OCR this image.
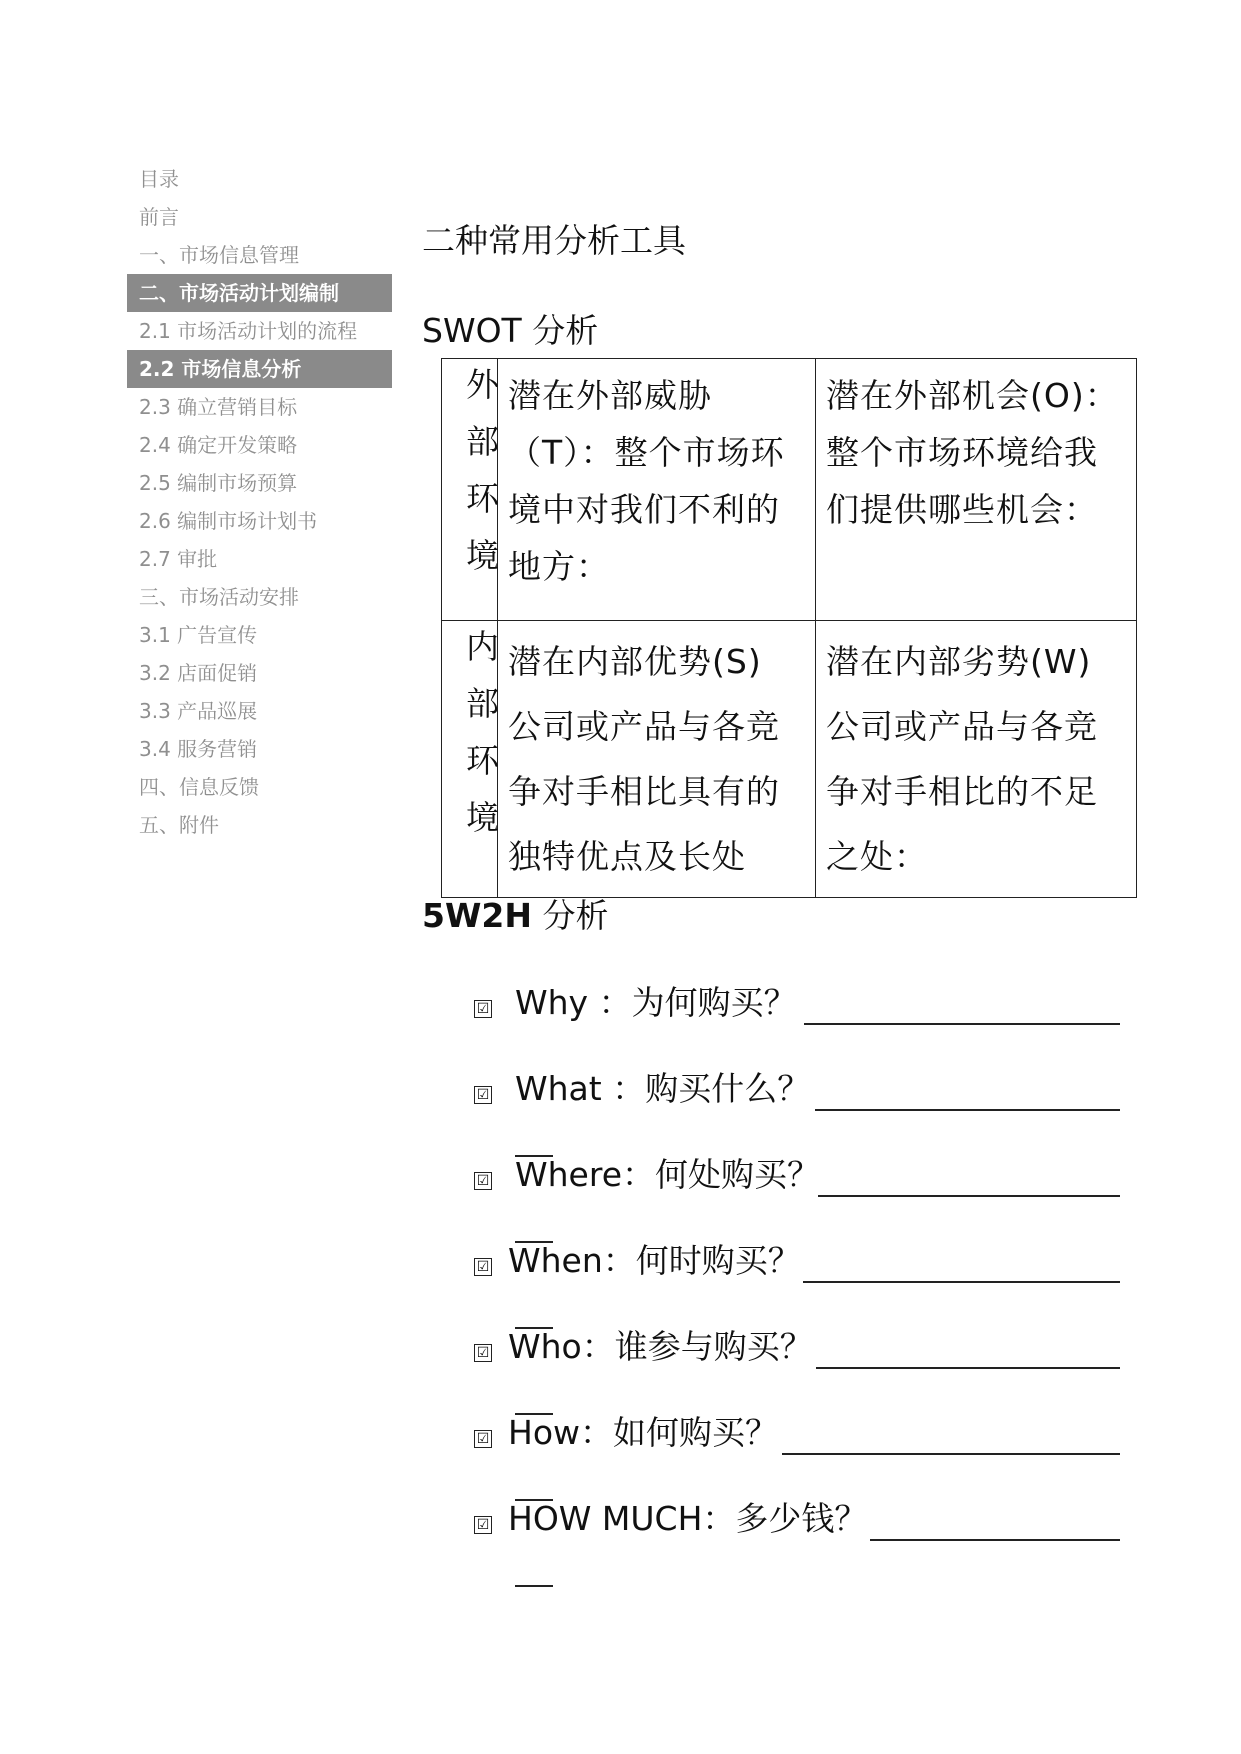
目录
前言
一、市场信息管理
二、市场活动计划编制
2.1 市场活动计划的流程
2.2 市场信息分析
2.3 确立营销目标
2.4 确定开发策略
2.5 编制市场预算
2.6 编制市场计划书
2.7 审批
三、市场活动安排
3.1 广告宣传
3.2 店面促销
3.3 产品巡展
3.4 服务营销
四、信息反馈
五、附件
二种常用分析工具
SWOT 分析
外部环境	潜在外部威胁（T）：整个市场环境中对我们不利的地方：	潜在外部机会(O)：整个市场环境给我们提供哪些机会：
内部环境	潜在内部优势(S) 公司或产品与各竞争对手相比具有的独特优点及长处	潜在内部劣势(W) 公司或产品与各竞争对手相比的不足之处：
5W2H 分析
☑ Why ：为何购买？
☑ What ：购买什么？
☑ Where：何处购买？
☑ When：何时购买？
☑ Who：谁参与购买？
☑ How：如何购买？
☑ HOW MUCH：多少钱？
